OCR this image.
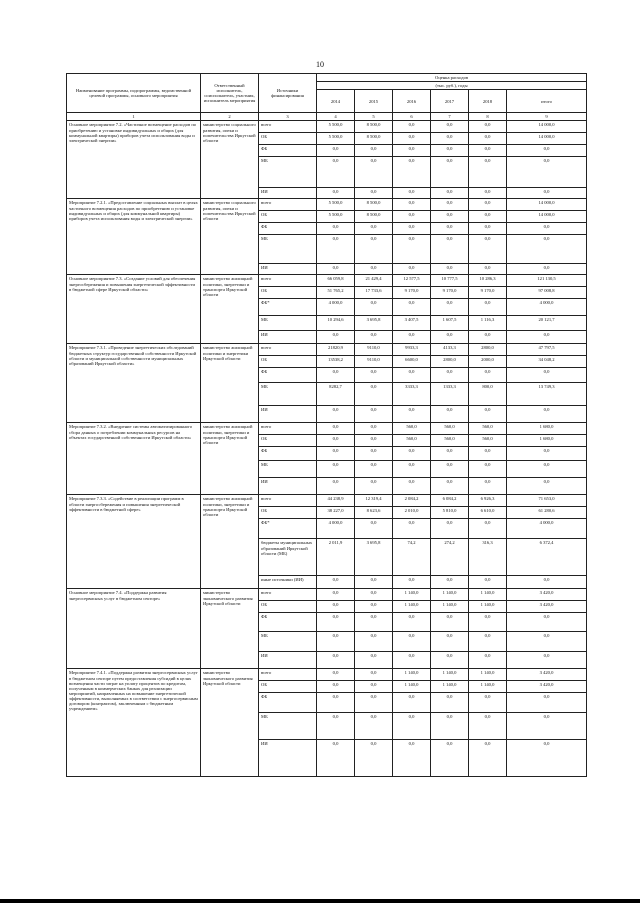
10
Наименование программы, подпрограммы, ведомственной целевой программы, основного мероприятия	Ответственный исполнитель, соисполнитель, участник, исполнитель мероприятия	Источники финансирования	Оценка расходов					
			(тыс. руб.), годы					
			2014	2015	2016	2017	2018	итого
1	2	3	4	5	6	7	8	9
Основное мероприятие 7.2. «Частичное возмещение расходов по приобретению и установке индивидуальных и общих (для коммунальной квартиры) приборов учета использования воды и электрической энергии»	министерство социального развития, опеки и попечительства Иркутской области	всего	5 500,0	8 500,0	0,0	0,0	0,0	14 000,0
		ОБ	5 500,0	8 500,0	0,0	0,0	0,0	14 000,0
		ФБ	0,0	0,0	0,0	0,0	0,0	0,0
		МБ	0,0	0,0	0,0	0,0	0,0	0,0
		ИИ	0,0	0,0	0,0	0,0	0,0	0,0
Мероприятие 7.2.1. «Предоставление социальных выплат в целях частичного возмещения расходов по приобретению и установке индивидуальных и общих (для коммунальной квартиры) приборов учета использования воды и электрической энергии»	министерство социального развития, опеки и попечительства Иркутской области	всего	5 500,0	8 500,0	0,0	0,0	0,0	14 000,0
		ОБ	5 500,0	8 500,0	0,0	0,0	0,0	14 000,0
		ФБ	0,0	0,0	0,0	0,0	0,0	0,0
		МБ	0,0	0,0	0,0	0,0	0,0	0,0
		ИИ	0,0	0,0	0,0	0,0	0,0	0,0
Основное мероприятие 7.3. «Создание условий для обеспечения энергосбережения и повышения энергетической эффективности в бюджетной сфере Иркутской области»	министерство жилищной политики, энергетики и транспорта Иркутской области	всего	66 059,8	21 429,4	12 577,5	10 777,5	10 286,3	121 130,5
		ОБ	51 765,2	17 733,6	9 170,0	9 170,0	9 170,0	97 008,8
		ФБ*	4 000,0	0,0	0,0	0,0	0,0	4 000,0
		МБ	10 294,6	3 695,8	3 407,5	1 607,5	1 116,3	20 121,7
		ИИ	0,0	0,0	0,0	0,0	0,0	0,0
Мероприятие 7.3.1. «Проведение энергетических обследований бюджетных структур государственной собственности Иркутской области и муниципальной собственности муниципальных образований Иркутской области»	министерство жилищной политики и энергетики Иркутской области	всего	21820,9	9110,0	9933,3	4133,3	2800,0	47 797,5
		ОБ	13538,2	9110,0	6600,0	2800,0	2000,0	34 048,2
		ФБ	0,0	0,0	0,0	0,0	0,0	0,0
		МБ	8282,7	0,0	3333,3	1333,3	800,0	13 749,3
		ИИ	0,0	0,0	0,0	0,0	0,0	0,0
Мероприятие 7.3.2. «Внедрение системы автоматизированного сбора данных о потреблении коммунальных ресурсов на объектах государственной собственности Иркутской области»	министерство жилищной политики, энергетики и транспорта Иркутской области	всего	0,0	0,0	560,0	560,0	560,0	1 680,0
		ОБ	0,0	0,0	560,0	560,0	560,0	1 680,0
		ФБ	0,0	0,0	0,0	0,0	0,0	0,0
		МБ	0,0	0,0	0,0	0,0	0,0	0,0
		ИИ	0,0	0,0	0,0	0,0	0,0	0,0
Мероприятие 7.3.3. «Содействие в реализации программ в области энергосбережения и повышения энергетической эффективности в бюджетной сфере»	министерство жилищной политики, энергетики и транспорта Иркутской области	всего	44 238,9	12 319,4	2 084,2	6 084,2	6 926,3	71 653,0
		ОБ	38 227,0	8 623,6	2 010,0	5 810,0	6 610,0	61 280,6
		ФБ*	4 000,0	0,0	0,0	0,0	0,0	4 000,0
		бюджеты муниципальных образований Иркутской области (МБ)	2 011,9	3 695,8	74,2	274,2	316,3	6 372,4
		иные источники (ИИ)	0,0	0,0	0,0	0,0	0,0	0,0
Основное мероприятие 7.4. «Поддержка развития энергосервисных услуг в бюджетном секторе»	министерство экономического развития Иркутской области	всего	0,0	0,0	1 140,0	1 140,0	1 140,0	3 420,0
		ОБ	0,0	0,0	1 140,0	1 140,0	1 140,0	3 420,0
		ФБ	0,0	0,0	0,0	0,0	0,0	0,0
		МБ	0,0	0,0	0,0	0,0	0,0	0,0
		ИИ	0,0	0,0	0,0	0,0	0,0	0,0
Мероприятие 7.4.1. «Поддержка развития энергосервисных услуг в бюджетном секторе путем предоставления субсидий в целях возмещения части затрат на уплату процентов по кредитам, полученным в коммерческих банках для реализации мероприятий, направленных на повышение энергетической эффективности, выполняемых в соответствии с энергосервисным договором (контрактом), заключенным с бюджетным учреждением»	министерство экономического развития Иркутской области	всего	0,0	0,0	1 140,0	1 140,0	1 140,0	3 420,0
		ОБ	0,0	0,0	1 140,0	1 140,0	1 140,0	3 420,0
		ФБ	0,0	0,0	0,0	0,0	0,0	0,0
		МБ	0,0	0,0	0,0	0,0	0,0	0,0
		ИИ	0,0	0,0	0,0	0,0	0,0	0,0
